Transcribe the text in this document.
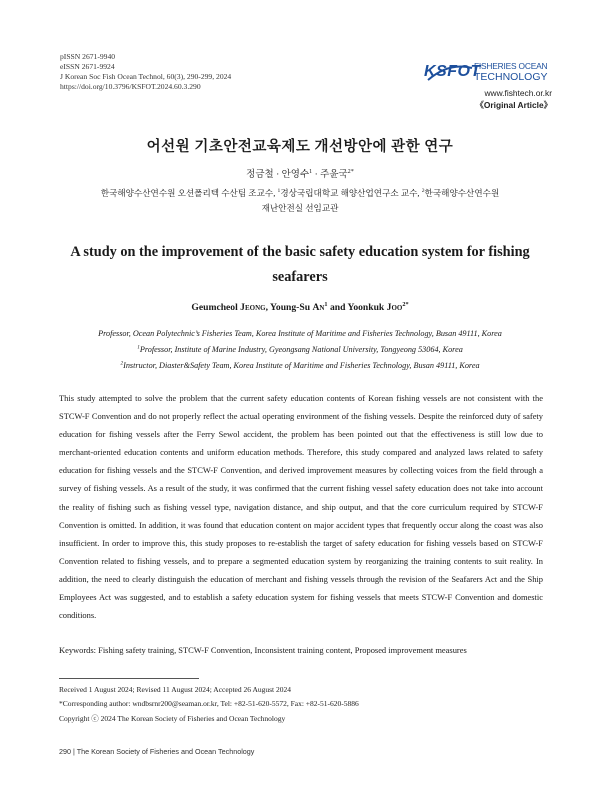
pISSN 2671-9940
eISSN 2671-9924
J Korean Soc Fish Ocean Technol, 60(3), 290-299, 2024
https://doi.org/10.3796/KSFOT.2024.60.3.290
KSFOT
FISHERIES OCEAN
TECHNOLOGY
www.fishtech.or.kr
《Original Article》
어선원 기초안전교육제도 개선방안에 관한 연구
정금철 · 안영수$^1$ · 주윤국$^{2*}$
한국해양수산연수원 오션폴리텍 수산팀 조교수, $^1$경상국립대학교 해양산업연구소 교수, $^2$한국해양수산연수원
재난안전실 선임교관
A study on the improvement of the basic safety education system for fishing seafarers
Geumcheol Jeong, Young-Su An$^1$ and Yoonkuk Joo$^{2*}$
Professor, Ocean Polytechnic’s Fisheries Team, Korea Institute of Maritime and Fisheries Technology, Busan 49111, Korea
$^1$Professor, Institute of Marine Industry, Gyeongsang National University, Tongyeong 53064, Korea
$^2$Instructor, Diaster&Safety Team, Korea Institute of Maritime and Fisheries Technology, Busan 49111, Korea
This study attempted to solve the problem that the current safety education contents of Korean fishing vessels are not consistent with the STCW-F Convention and do not properly reflect the actual operating environment of the fishing vessels. Despite the reinforced duty of safety education for fishing vessels after the Ferry Sewol accident, the problem has been pointed out that the effectiveness is still low due to merchant-oriented education contents and uniform education methods. Therefore, this study compared and analyzed laws related to safety education for fishing vessels and the STCW-F Convention, and derived improvement measures by collecting voices from the field through a survey of fishing vessels. As a result of the study, it was confirmed that the current fishing vessel safety education does not take into account the reality of fishing such as fishing vessel type, navigation distance, and ship output, and that the core curriculum required by STCW-F Convention is omitted. In addition, it was found that education content on major accident types that frequently occur along the coast was also insufficient. In order to improve this, this study proposes to re-establish the target of safety education for fishing vessels based on STCW-F Convention related to fishing vessels, and to prepare a segmented education system by reorganizing the training contents to suit reality. In addition, the need to clearly distinguish the education of merchant and fishing vessels through the revision of the Seafarers Act and the Ship Employees Act was suggested, and to establish a safety education system for fishing vessels that meets STCW-F Convention and domestic conditions.
Keywords: Fishing safety training, STCW-F Convention, Inconsistent training content, Proposed improvement measures
Received 1 August 2024; Revised 11 August 2024; Accepted 26 August 2024
*Corresponding author: wndbsrnr200@seaman.or.kr, Tel: +82-51-620-5572, Fax: +82-51-620-5886
Copyright ⓒ 2024 The Korean Society of Fisheries and Ocean Technology
290 | The Korean Society of Fisheries and Ocean Technology
